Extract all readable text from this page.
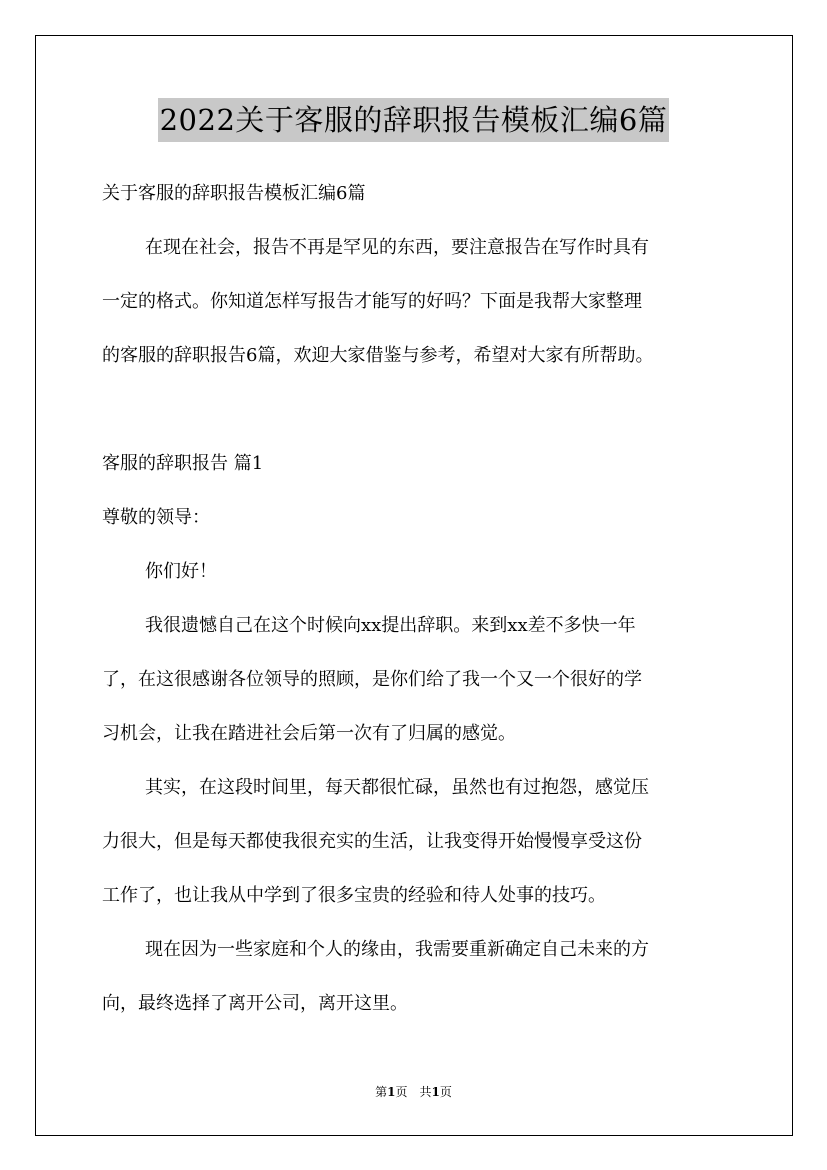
2022关于客服的辞职报告模板汇编6篇
关于客服的辞职报告模板汇编6篇
在现在社会，报告不再是罕见的东西，要注意报告在写作时具有
一定的格式。你知道怎样写报告才能写的好吗？下面是我帮大家整理
的客服的辞职报告6篇，欢迎大家借鉴与参考，希望对大家有所帮助。
客服的辞职报告 篇1
尊敬的领导：
你们好！
我很遗憾自己在这个时候向xx提出辞职。来到xx差不多快一年
了，在这很感谢各位领导的照顾，是你们给了我一个又一个很好的学
习机会，让我在踏进社会后第一次有了归属的感觉。
其实，在这段时间里，每天都很忙碌，虽然也有过抱怨，感觉压
力很大，但是每天都使我很充实的生活，让我变得开始慢慢享受这份
工作了，也让我从中学到了很多宝贵的经验和待人处事的技巧。
现在因为一些家庭和个人的缘由，我需要重新确定自己未来的方
向，最终选择了离开公司，离开这里。
第1页　共1页
